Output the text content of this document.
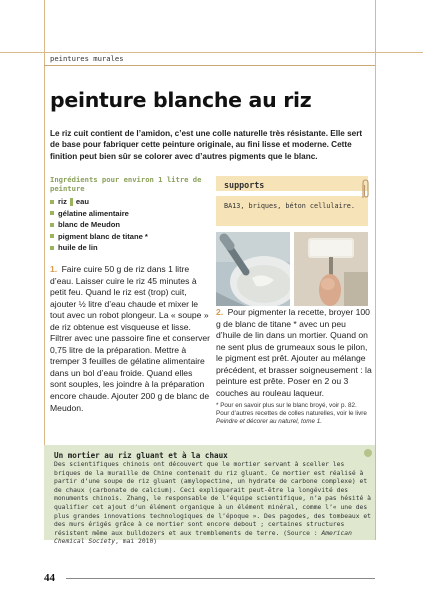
peintures murales
peinture blanche au riz

Le riz cuit contient de l’amidon, c’est une colle naturelle très résistante. Elle sert de base pour fabriquer cette peinture originale, au fini lisse et moderne. Cette finition peut bien sûr se colorer avec d’autres pigments que le blanc.

Ingrédients pour environ 1 litre de peinture
riz eau
gélatine alimentaire
blanc de Meudon
pigment blanc de titane *
huile de lin

1. Faire cuire 50 g de riz dans 1 litre d’eau. Laisser cuire le riz 45 minutes à petit feu. Quand le riz est (trop) cuit, ajouter ½ litre d’eau chaude et mixer le tout avec un robot plongeur. La « soupe » de riz obtenue est visqueuse et lisse. Filtrer avec une passoire fine et conserver 0,75 litre de la préparation. Mettre à tremper 3 feuilles de gélatine alimentaire dans un bol d’eau froide. Quand elles sont souples, les joindre à la préparation encore chaude. Ajouter 200 g de blanc de Meudon.

supports
BA13, briques, béton cellulaire.

2. Pour pigmenter la recette, broyer 100 g de blanc de titane * avec un peu d’huile de lin dans un mortier. Quand on ne sent plus de grumeaux sous le pilon, le pigment est prêt. Ajouter au mélange précédent, et brasser soigneusement : la peinture est prête. Poser en 2 ou 3 couches au rouleau laqueur.

* Pour en savoir plus sur le blanc broyé, voir p. 82. Pour d’autres recettes de colles naturelles, voir le livre Peindre et décorer au naturel, tome 1.

Un mortier au riz gluant et à la chaux

Des scientifiques chinois ont découvert que le mortier servant à sceller les briques de la muraille de Chine contenait du riz gluant. Ce mortier est réalisé à partir d’une soupe de riz gluant (amylopectine, un hydrate de carbone complexe) et de chaux (carbonate de calcium). Ceci expliquerait peut-être la longévité des monuments chinois. Zhang, le responsable de l’équipe scientifique, n’a pas hésité à qualifier cet ajout d’un élément organique à un élément minéral, comme l’« une des plus grandes innovations technologiques de l’époque ». Des pagodes, des tombeaux et des murs érigés grâce à ce mortier sont encore debout ; certaines structures résistent même aux bulldozers et aux tremblements de terre. (Source : American Chemical Society, mai 2010)

44
